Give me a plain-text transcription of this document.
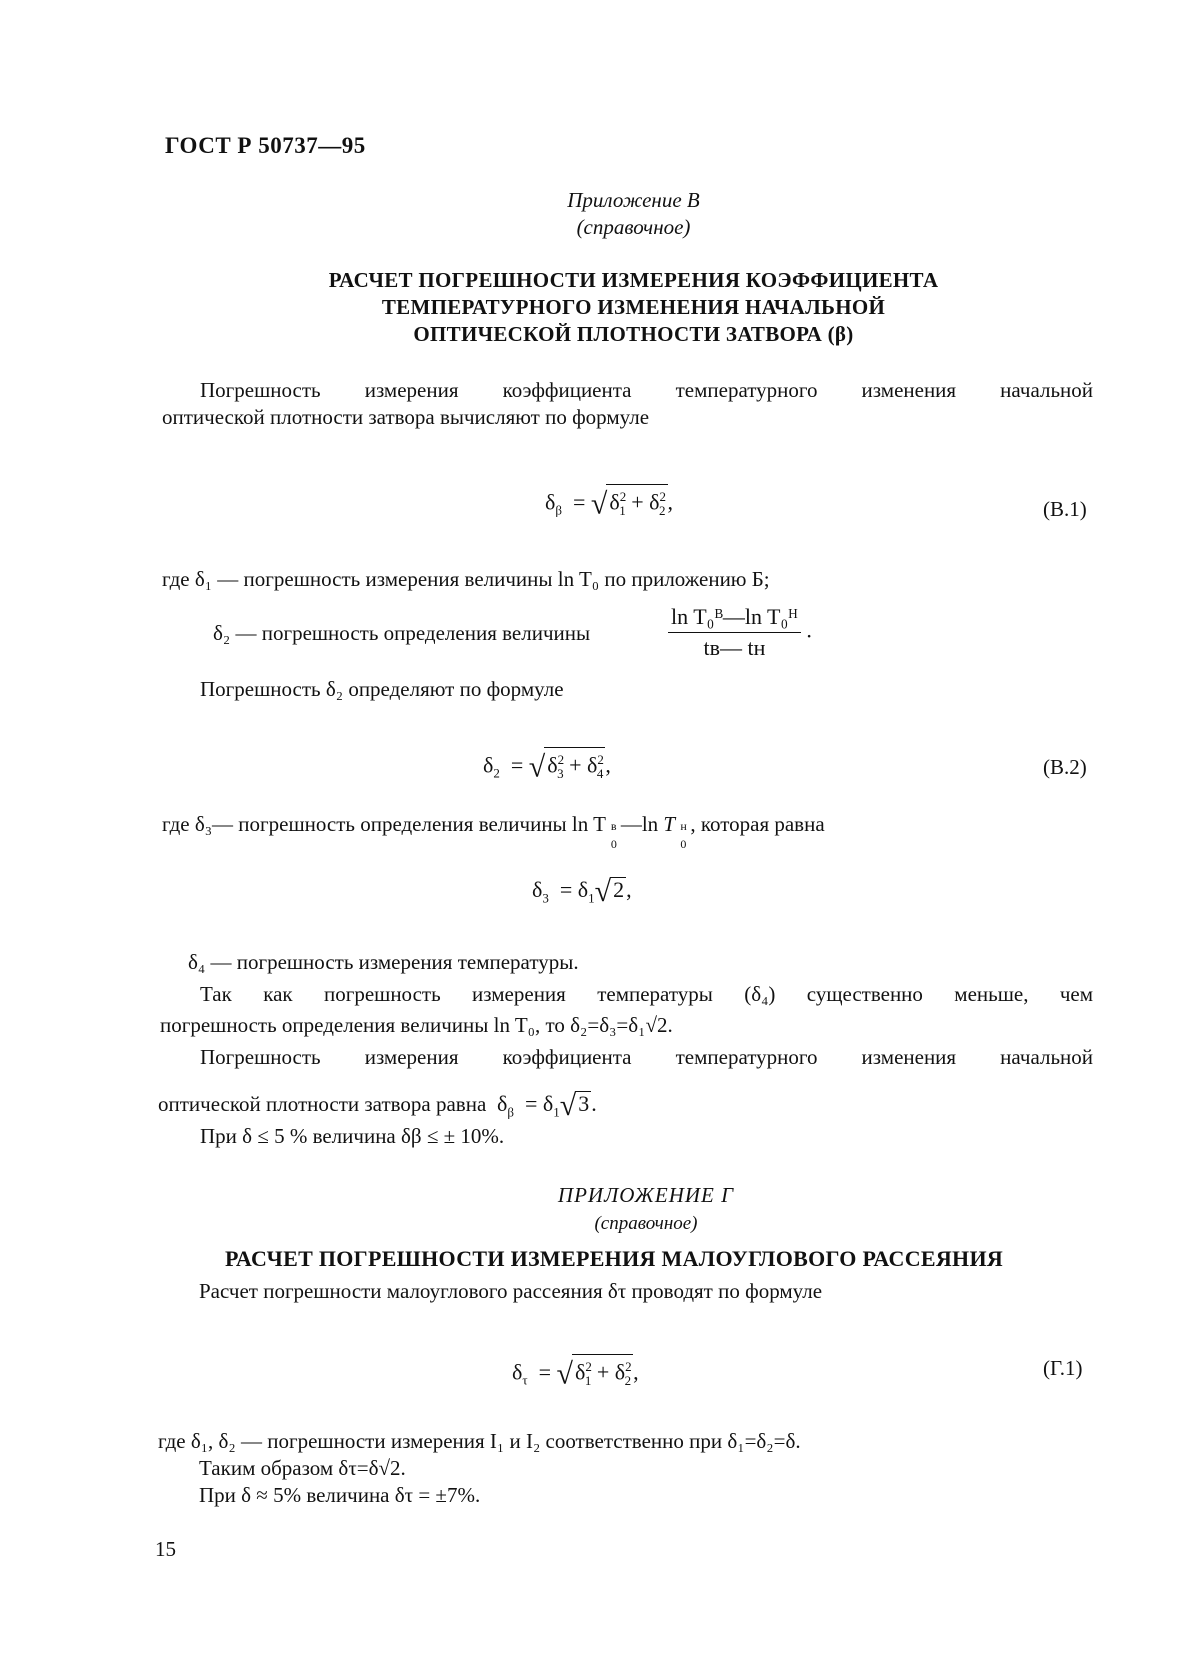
ГОСТ Р 50737—95
Приложение В
(справочное)
РАСЧЕТ ПОГРЕШНОСТИ ИЗМЕРЕНИЯ КОЭФФИЦИЕНТА
ТЕМПЕРАТУРНОГО ИЗМЕНЕНИЯ НАЧАЛЬНОЙ
ОПТИЧЕСКОЙ ПЛОТНОСТИ ЗАТВОРА (β)
Погрешность измерения коэффициента температурного изменения начальной
оптической плотности затвора вычисляют по формуле
$\delta_\beta = √\delta^2_1 + \delta^2_2$,	(В.1)
где δ₁ — погрешность измерения величины ln T₀ по приложению Б;
δ₂ — погрешность определения величины	$\frac{\text{ln T₀ᴮ—ln T₀ᴴ}}{tв— tн}$ .
Погрешность δ₂ определяют по формуле
$\delta_2 = √\delta^2_3 + \delta^2_4$,	(В.2)
где δ₃— погрешность определения величины ln T в
0
—ln T н
0
, которая равна
$\delta_3 = \delta_1√2$,
δ₄ — погрешность измерения температуры.
Так как погрешность измерения температуры (δ₄) существенно меньше, чем
погрешность определения величины ln T₀, то δ₂=δ₃=δ₁√2.
Погрешность измерения коэффициента температурного изменения начальной
оптической плотности затвора равна  $\delta_\beta = \delta_1√3$.
При δ ≤ 5 % величина δβ ≤ ± 10%.
ПРИЛОЖЕНИЕ Г
(справочное)
РАСЧЕТ ПОГРЕШНОСТИ ИЗМЕРЕНИЯ МАЛОУГЛОВОГО РАССЕЯНИЯ
Расчет погрешности малоуглового рассеяния δτ проводят по формуле
$\delta_\tau = √\delta^2_1 + \delta^2_2$,	(Г.1)
где δ₁, δ₂ — погрешности измерения I₁ и I₂ соответственно при δ₁=δ₂=δ.
Таким образом δτ=δ√2.
При δ ≈ 5% величина δτ = ±7%.
15
